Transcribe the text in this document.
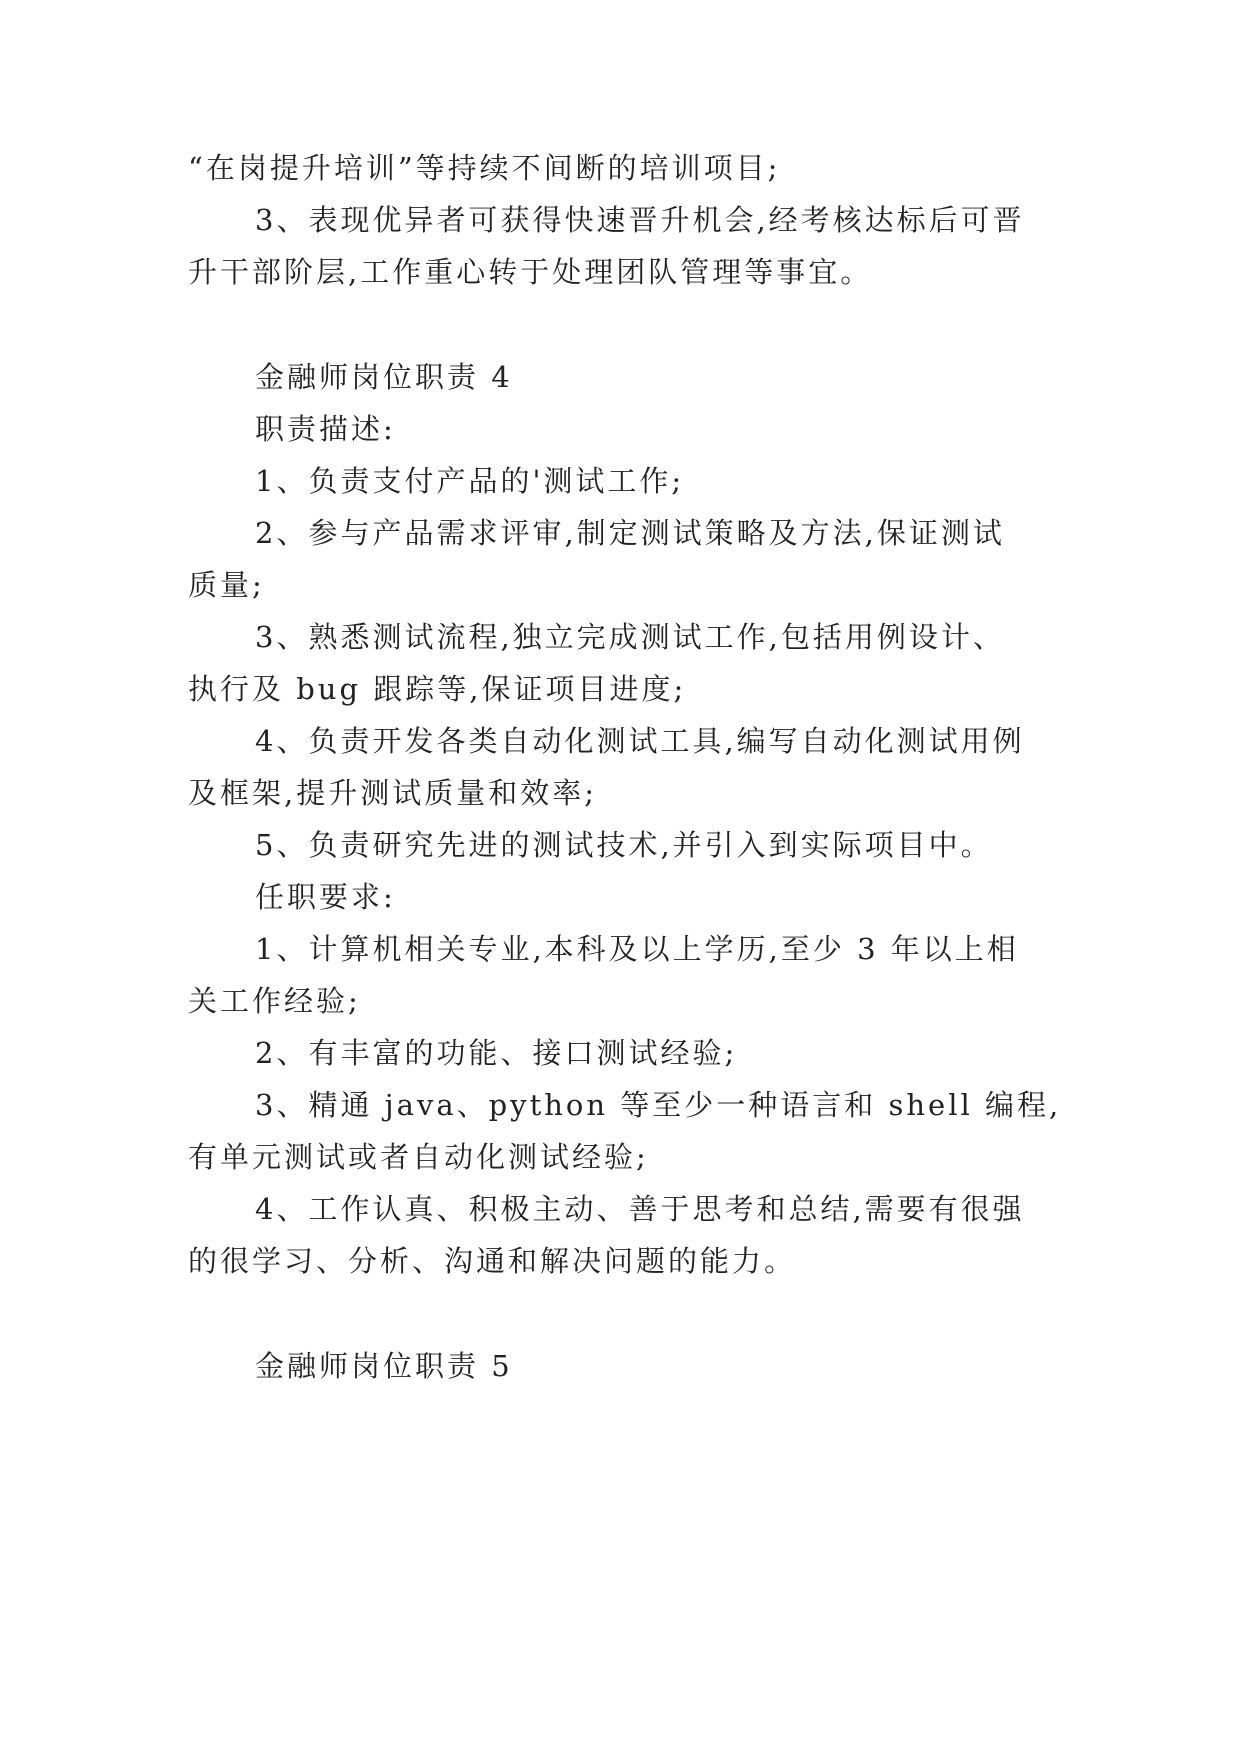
“在岗提升培训”等持续不间断的培训项目;
3、表现优异者可获得快速晋升机会,经考核达标后可晋
升干部阶层,工作重心转于处理团队管理等事宜。
金融师岗位职责 4
职责描述:
1、负责支付产品的'测试工作;
2、参与产品需求评审,制定测试策略及方法,保证测试
质量;
3、熟悉测试流程,独立完成测试工作,包括用例设计、
执行及 bug 跟踪等,保证项目进度;
4、负责开发各类自动化测试工具,编写自动化测试用例
及框架,提升测试质量和效率;
5、负责研究先进的测试技术,并引入到实际项目中。
任职要求:
1、计算机相关专业,本科及以上学历,至少 3 年以上相
关工作经验;
2、有丰富的功能、接口测试经验;
3、精通 java、python 等至少一种语言和 shell 编程,
有单元测试或者自动化测试经验;
4、工作认真、积极主动、善于思考和总结,需要有很强
的很学习、分析、沟通和解决问题的能力。
金融师岗位职责 5
